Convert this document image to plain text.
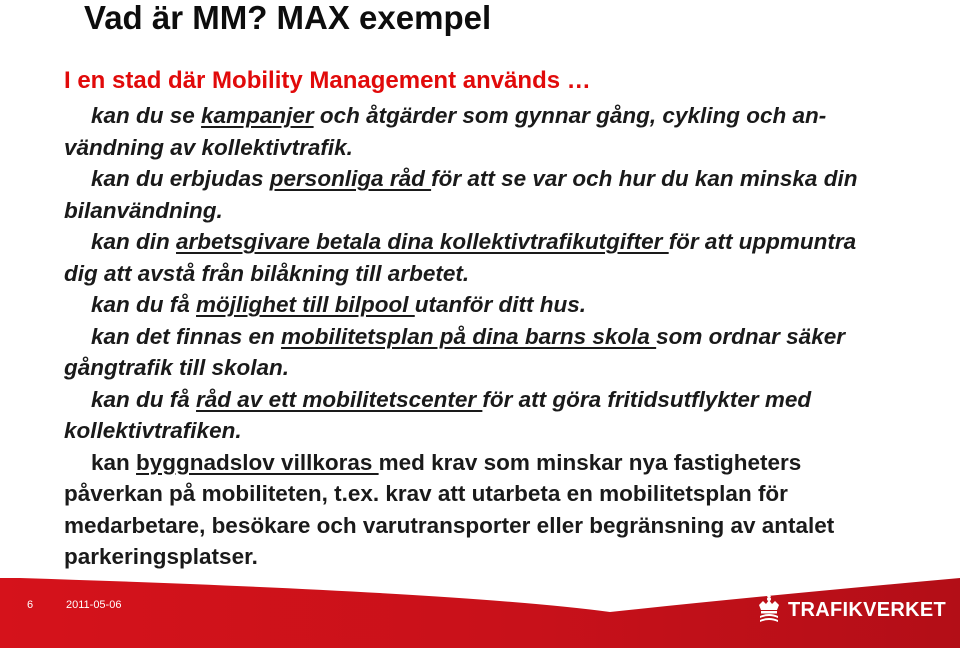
Vad är MM? MAX exempel
I en stad där Mobility Management används …
kan du se kampanjer och åtgärder som gynnar gång, cykling och an-vändning av kollektivtrafik.
kan du erbjudas personliga råd för att se var och hur du kan minska din bilanvändning.
kan din arbetsgivare betala dina kollektivtrafikutgifter för att uppmuntra dig att avstå från bilåkning till arbetet.
kan du få möjlighet till bilpool utanför ditt hus.
kan det finnas en mobilitetsplan på dina barns skola som ordnar säker gångtrafik till skolan.
kan du få råd av ett mobilitetscenter för att göra fritidsutflykter med kollektivtrafiken.
kan byggnadslov villkoras med krav som minskar nya fastigheters påverkan på mobiliteten, t.ex. krav att utarbeta en mobilitetsplan för medarbetare, besökare och varutransporter eller begränsning av antalet parkeringsplatser.
6	2011-05-06	TRAFIKVERKET
